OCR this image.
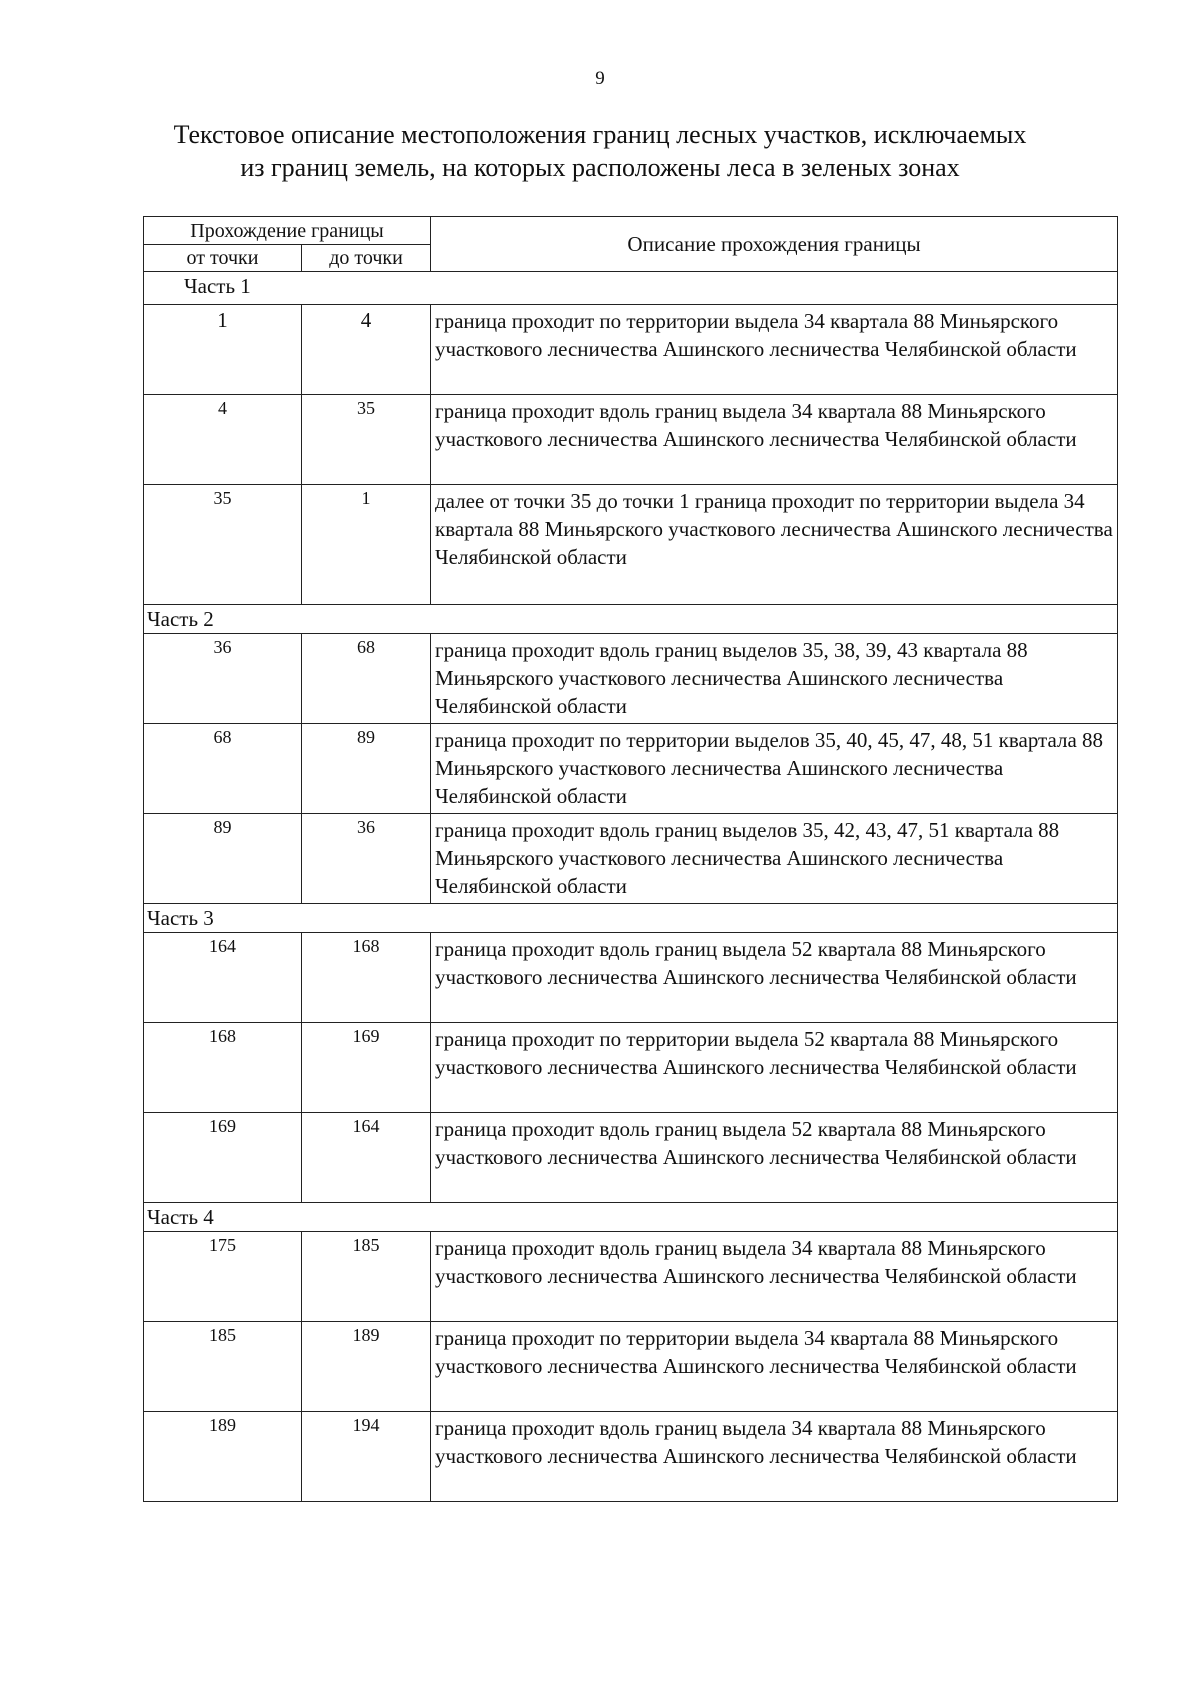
9
Текстовое описание местоположения границ лесных участков, исключаемых
из границ земель, на которых расположены леса в зеленых зонах
Прохождение границы		Описание прохождения границы
от точки	до точки	
Часть 1		
1	4	граница проходит по территории выдела 34 квартала 88 Миньярского участкового лесничества Ашинского лесничества Челябинской области
4	35	граница проходит вдоль границ выдела 34 квартала 88 Миньярского участкового лесничества Ашинского лесничества Челябинской области
35	1	далее от точки 35 до точки 1 граница проходит по территории выдела 34 квартала 88 Миньярского участкового лесничества Ашинского лесничества Челябинской области
Часть 2		
36	68	граница проходит вдоль границ выделов 35, 38, 39, 43 квартала 88 Миньярского участкового лесничества Ашинского лесничества Челябинской области
68	89	граница проходит по территории выделов 35, 40, 45, 47, 48, 51 квартала 88 Миньярского участкового лесничества Ашинского лесничества Челябинской области
89	36	граница проходит вдоль границ выделов 35, 42, 43, 47, 51 квартала 88 Миньярского участкового лесничества Ашинского лесничества Челябинской области
Часть 3		
164	168	граница проходит вдоль границ выдела 52 квартала 88 Миньярского участкового лесничества Ашинского лесничества Челябинской области
168	169	граница проходит по территории выдела 52 квартала 88 Миньярского участкового лесничества Ашинского лесничества Челябинской области
169	164	граница проходит вдоль границ выдела 52 квартала 88 Миньярского участкового лесничества Ашинского лесничества Челябинской области
Часть 4		
175	185	граница проходит вдоль границ выдела 34 квартала 88 Миньярского участкового лесничества Ашинского лесничества Челябинской области
185	189	граница проходит по территории выдела 34 квартала 88 Миньярского участкового лесничества Ашинского лесничества Челябинской области
189	194	граница проходит вдоль границ выдела 34 квартала 88 Миньярского участкового лесничества Ашинского лесничества Челябинской области
